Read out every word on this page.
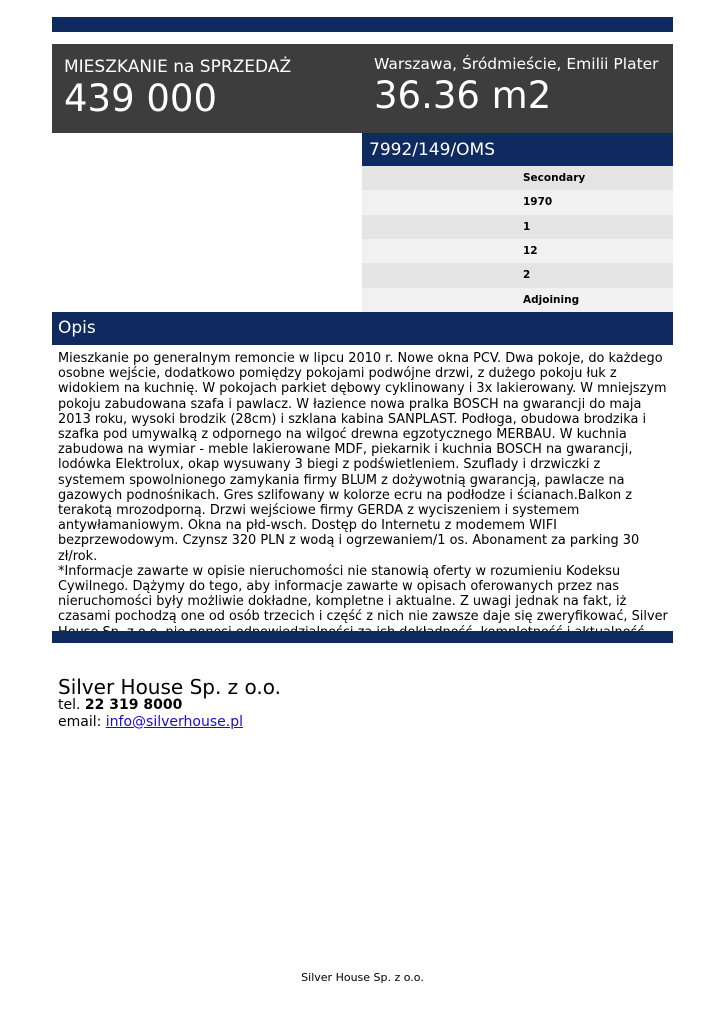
MIESZKANIE na SPRZEDAŻ
439 000
Warszawa, Śródmieście, Emilii Plater
36.36 m2
7992/149/OMS
Secondary
1970
1
12
2
Adjoining
Opis

Mieszkanie po generalnym remoncie w lipcu 2010 r. Nowe okna PCV. Dwa pokoje, do każdego osobne wejście, dodatkowo pomiędzy pokojami podwójne drzwi, z dużego pokoju łuk z widokiem na kuchnię. W pokojach parkiet dębowy cyklinowany i 3x lakierowany. W mniejszym pokoju zabudowana szafa i pawlacz. W łazience nowa pralka BOSCH na gwarancji do maja 2013 roku, wysoki brodzik (28cm) i szklana kabina SANPLAST. Podłoga, obudowa brodzika i szafka pod umywalką z odpornego na wilgoć drewna egzotycznego MERBAU. W kuchnia zabudowa na wymiar - meble lakierowane MDF, piekarnik i kuchnia BOSCH na gwarancji, lodówka Elektrolux, okap wysuwany 3 biegi z podświetleniem. Szuflady i drzwiczki z systemem spowolnionego zamykania firmy BLUM z dożywotnią gwarancją, pawlacze na gazowych podnośnikach. Gres szlifowany w kolorze ecru na podłodze i ścianach.Balkon z terakotą mrozodporną. Drzwi wejściowe firmy GERDA z wyciszeniem i systemem antywłamaniowym. Okna na płd-wsch. Dostęp do Internetu z modemem WIFI bezprzewodowym. Czynsz 320 PLN z wodą i ogrzewaniem/1 os. Abonament za parking 30 zł/rok.

*Informacje zawarte w opisie nieruchomości nie stanowią oferty w rozumieniu Kodeksu Cywilnego. Dążymy do tego, aby informacje zawarte w opisach oferowanych przez nas nieruchomości były możliwie dokładne, kompletne i aktualne. Z uwagi jednak na fakt, iż czasami pochodzą one od osób trzecich i część z nich nie zawsze daje się zweryfikować, Silver

Silver House Sp. z o.o.
tel. 22 319 8000
email: info@silverhouse.pl
Silver House Sp. z o.o.
